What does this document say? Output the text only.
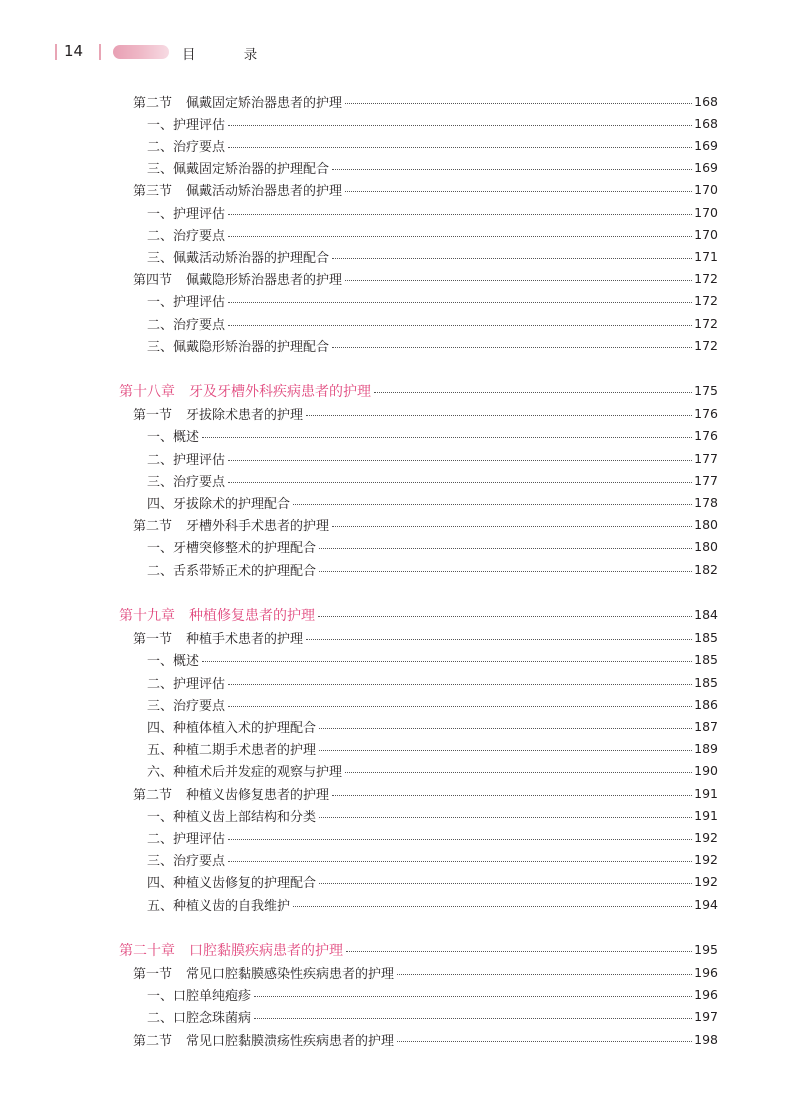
14	目 录
第二节 佩戴固定矫治器患者的护理	168
一、护理评估	168
二、治疗要点	169
三、佩戴固定矫治器的护理配合	169
第三节 佩戴活动矫治器患者的护理	170
一、护理评估	170
二、治疗要点	170
三、佩戴活动矫治器的护理配合	171
第四节 佩戴隐形矫治器患者的护理	172
一、护理评估	172
二、治疗要点	172
三、佩戴隐形矫治器的护理配合	172
第十八章 牙及牙槽外科疾病患者的护理	175
第一节 牙拔除术患者的护理	176
一、概述	176
二、护理评估	177
三、治疗要点	177
四、牙拔除术的护理配合	178
第二节 牙槽外科手术患者的护理	180
一、牙槽突修整术的护理配合	180
二、舌系带矫正术的护理配合	182
第十九章 种植修复患者的护理	184
第一节 种植手术患者的护理	185
一、概述	185
二、护理评估	185
三、治疗要点	186
四、种植体植入术的护理配合	187
五、种植二期手术患者的护理	189
六、种植术后并发症的观察与护理	190
第二节 种植义齿修复患者的护理	191
一、种植义齿上部结构和分类	191
二、护理评估	192
三、治疗要点	192
四、种植义齿修复的护理配合	192
五、种植义齿的自我维护	194
第二十章 口腔黏膜疾病患者的护理	195
第一节 常见口腔黏膜感染性疾病患者的护理	196
一、口腔单纯疱疹	196
二、口腔念珠菌病	197
第二节 常见口腔黏膜溃疡性疾病患者的护理	198
